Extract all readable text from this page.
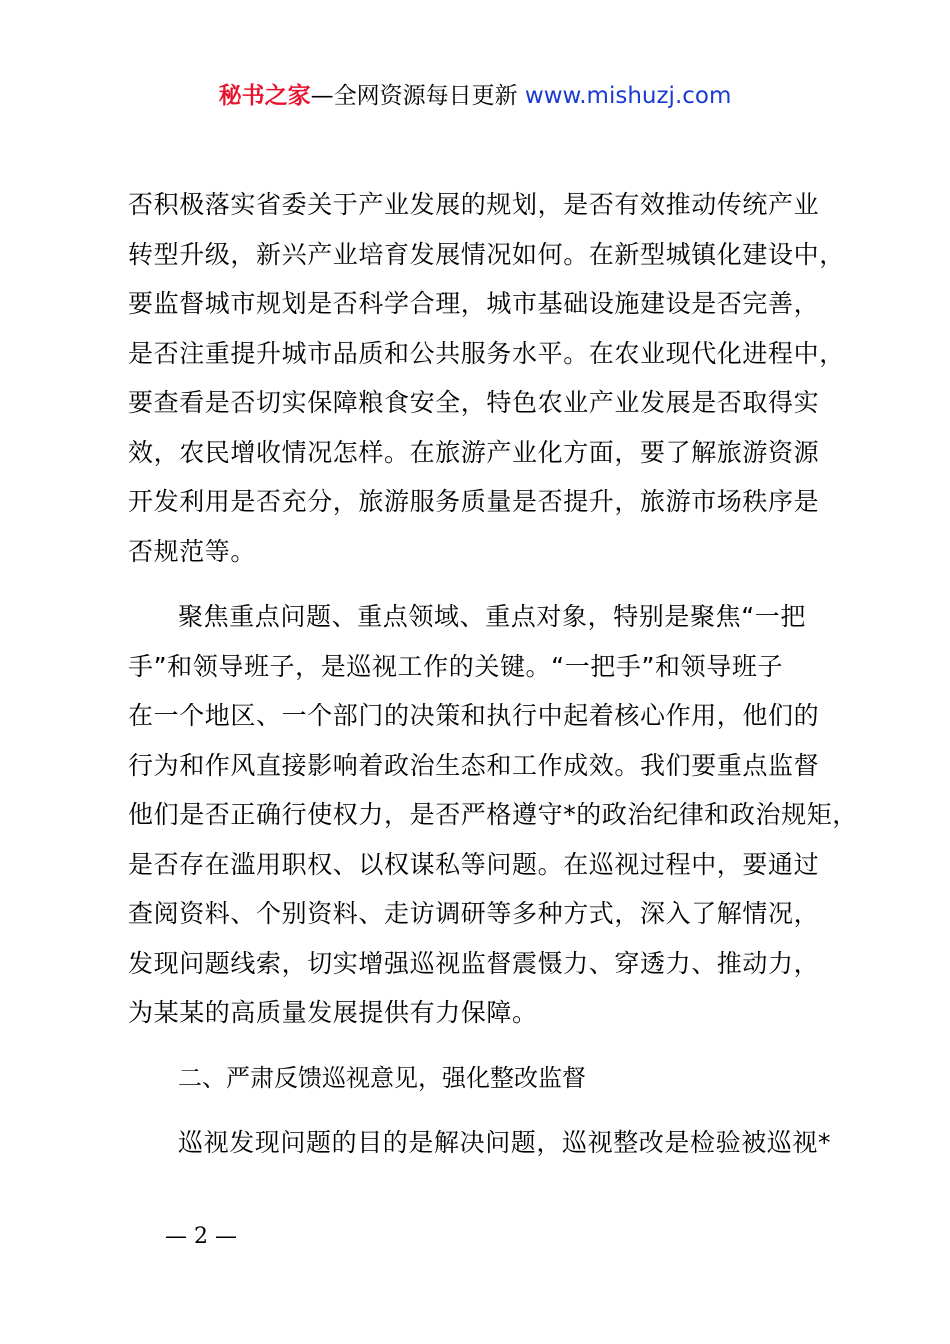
秘书之家—全网资源每日更新 www.mishuzj.com
否积极落实省委关于产业发展的规划，是否有效推动传统产业
转型升级，新兴产业培育发展情况如何。在新型城镇化建设中，
要监督城市规划是否科学合理，城市基础设施建设是否完善，
是否注重提升城市品质和公共服务水平。在农业现代化进程中，
要查看是否切实保障粮食安全，特色农业产业发展是否取得实
效，农民增收情况怎样。在旅游产业化方面，要了解旅游资源
开发利用是否充分，旅游服务质量是否提升，旅游市场秩序是
否规范等。
聚焦重点问题、重点领域、重点对象，特别是聚焦“一把
手”和领导班子，是巡视工作的关键。“一把手”和领导班子
在一个地区、一个部门的决策和执行中起着核心作用，他们的
行为和作风直接影响着政治生态和工作成效。我们要重点监督
他们是否正确行使权力，是否严格遵守*的政治纪律和政治规矩，
是否存在滥用职权、以权谋私等问题。在巡视过程中，要通过
查阅资料、个别资料、走访调研等多种方式，深入了解情况，
发现问题线索，切实增强巡视监督震慑力、穿透力、推动力，
为某某的高质量发展提供有力保障。
二、严肃反馈巡视意见，强化整改监督
巡视发现问题的目的是解决问题，巡视整改是检验被巡视*
— 2 —
